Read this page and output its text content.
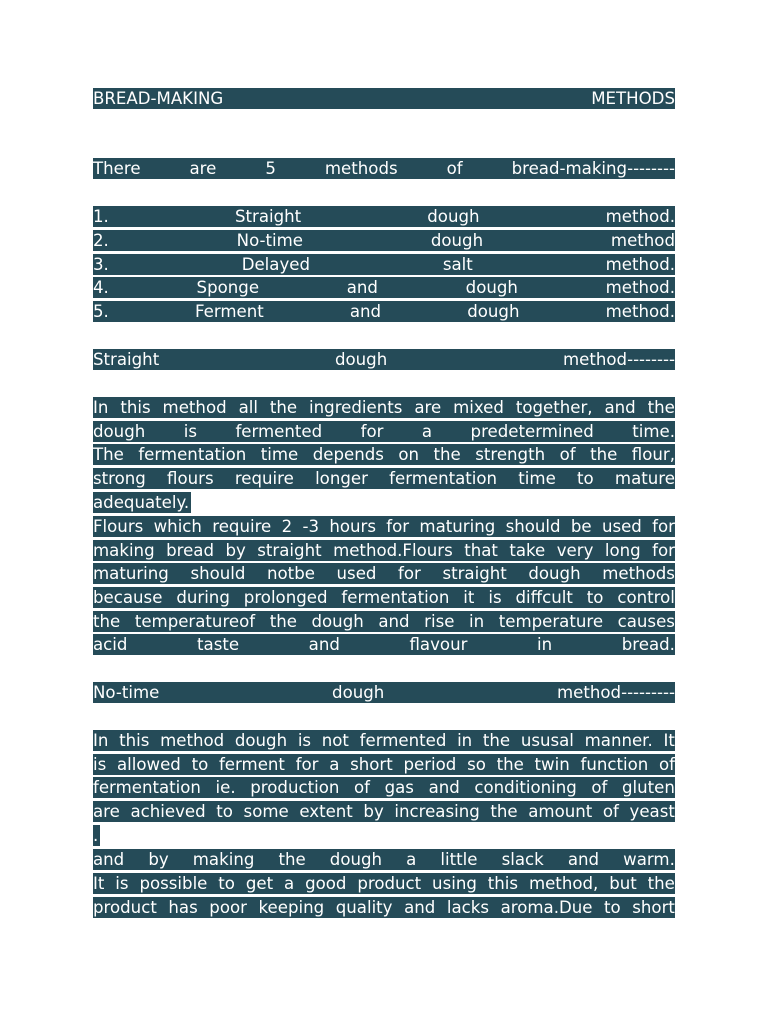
BREAD-MAKING	METHODS
There	are	5	methods	of	bread-making--------
1.	Straight	dough	method.
2.	No-time	dough	method
3.	Delayed	salt	method.
4.	Sponge	and	dough	method.
5.	Ferment	and	dough	method.
Straight	dough	method--------
In this method all the ingredients are mixed together, and the
dough is fermented for a predetermined time.
The fermentation time depends on the strength of the flour,
strong flours require longer fermentation time to mature
adequately.
Flours which require 2 -3 hours for maturing should be used for
making bread by straight method.Flours that take very long for
maturing should notbe used for straight dough methods
because during prolonged fermentation it is diffcult to control
the temperatureof the dough and rise in temperature causes
acid	taste	and	flavour	in	bread.
No-time	dough	method---------
In this method dough is not fermented in the ususal manner. It
is allowed to ferment for a short period so the twin function of
fermentation ie. production of gas and conditioning of gluten
are achieved to some extent by increasing the amount of yeast
.
and by making the dough a little slack and warm.
It is possible to get a good product using this method, but the
product has poor keeping quality and lacks aroma.Due to short
